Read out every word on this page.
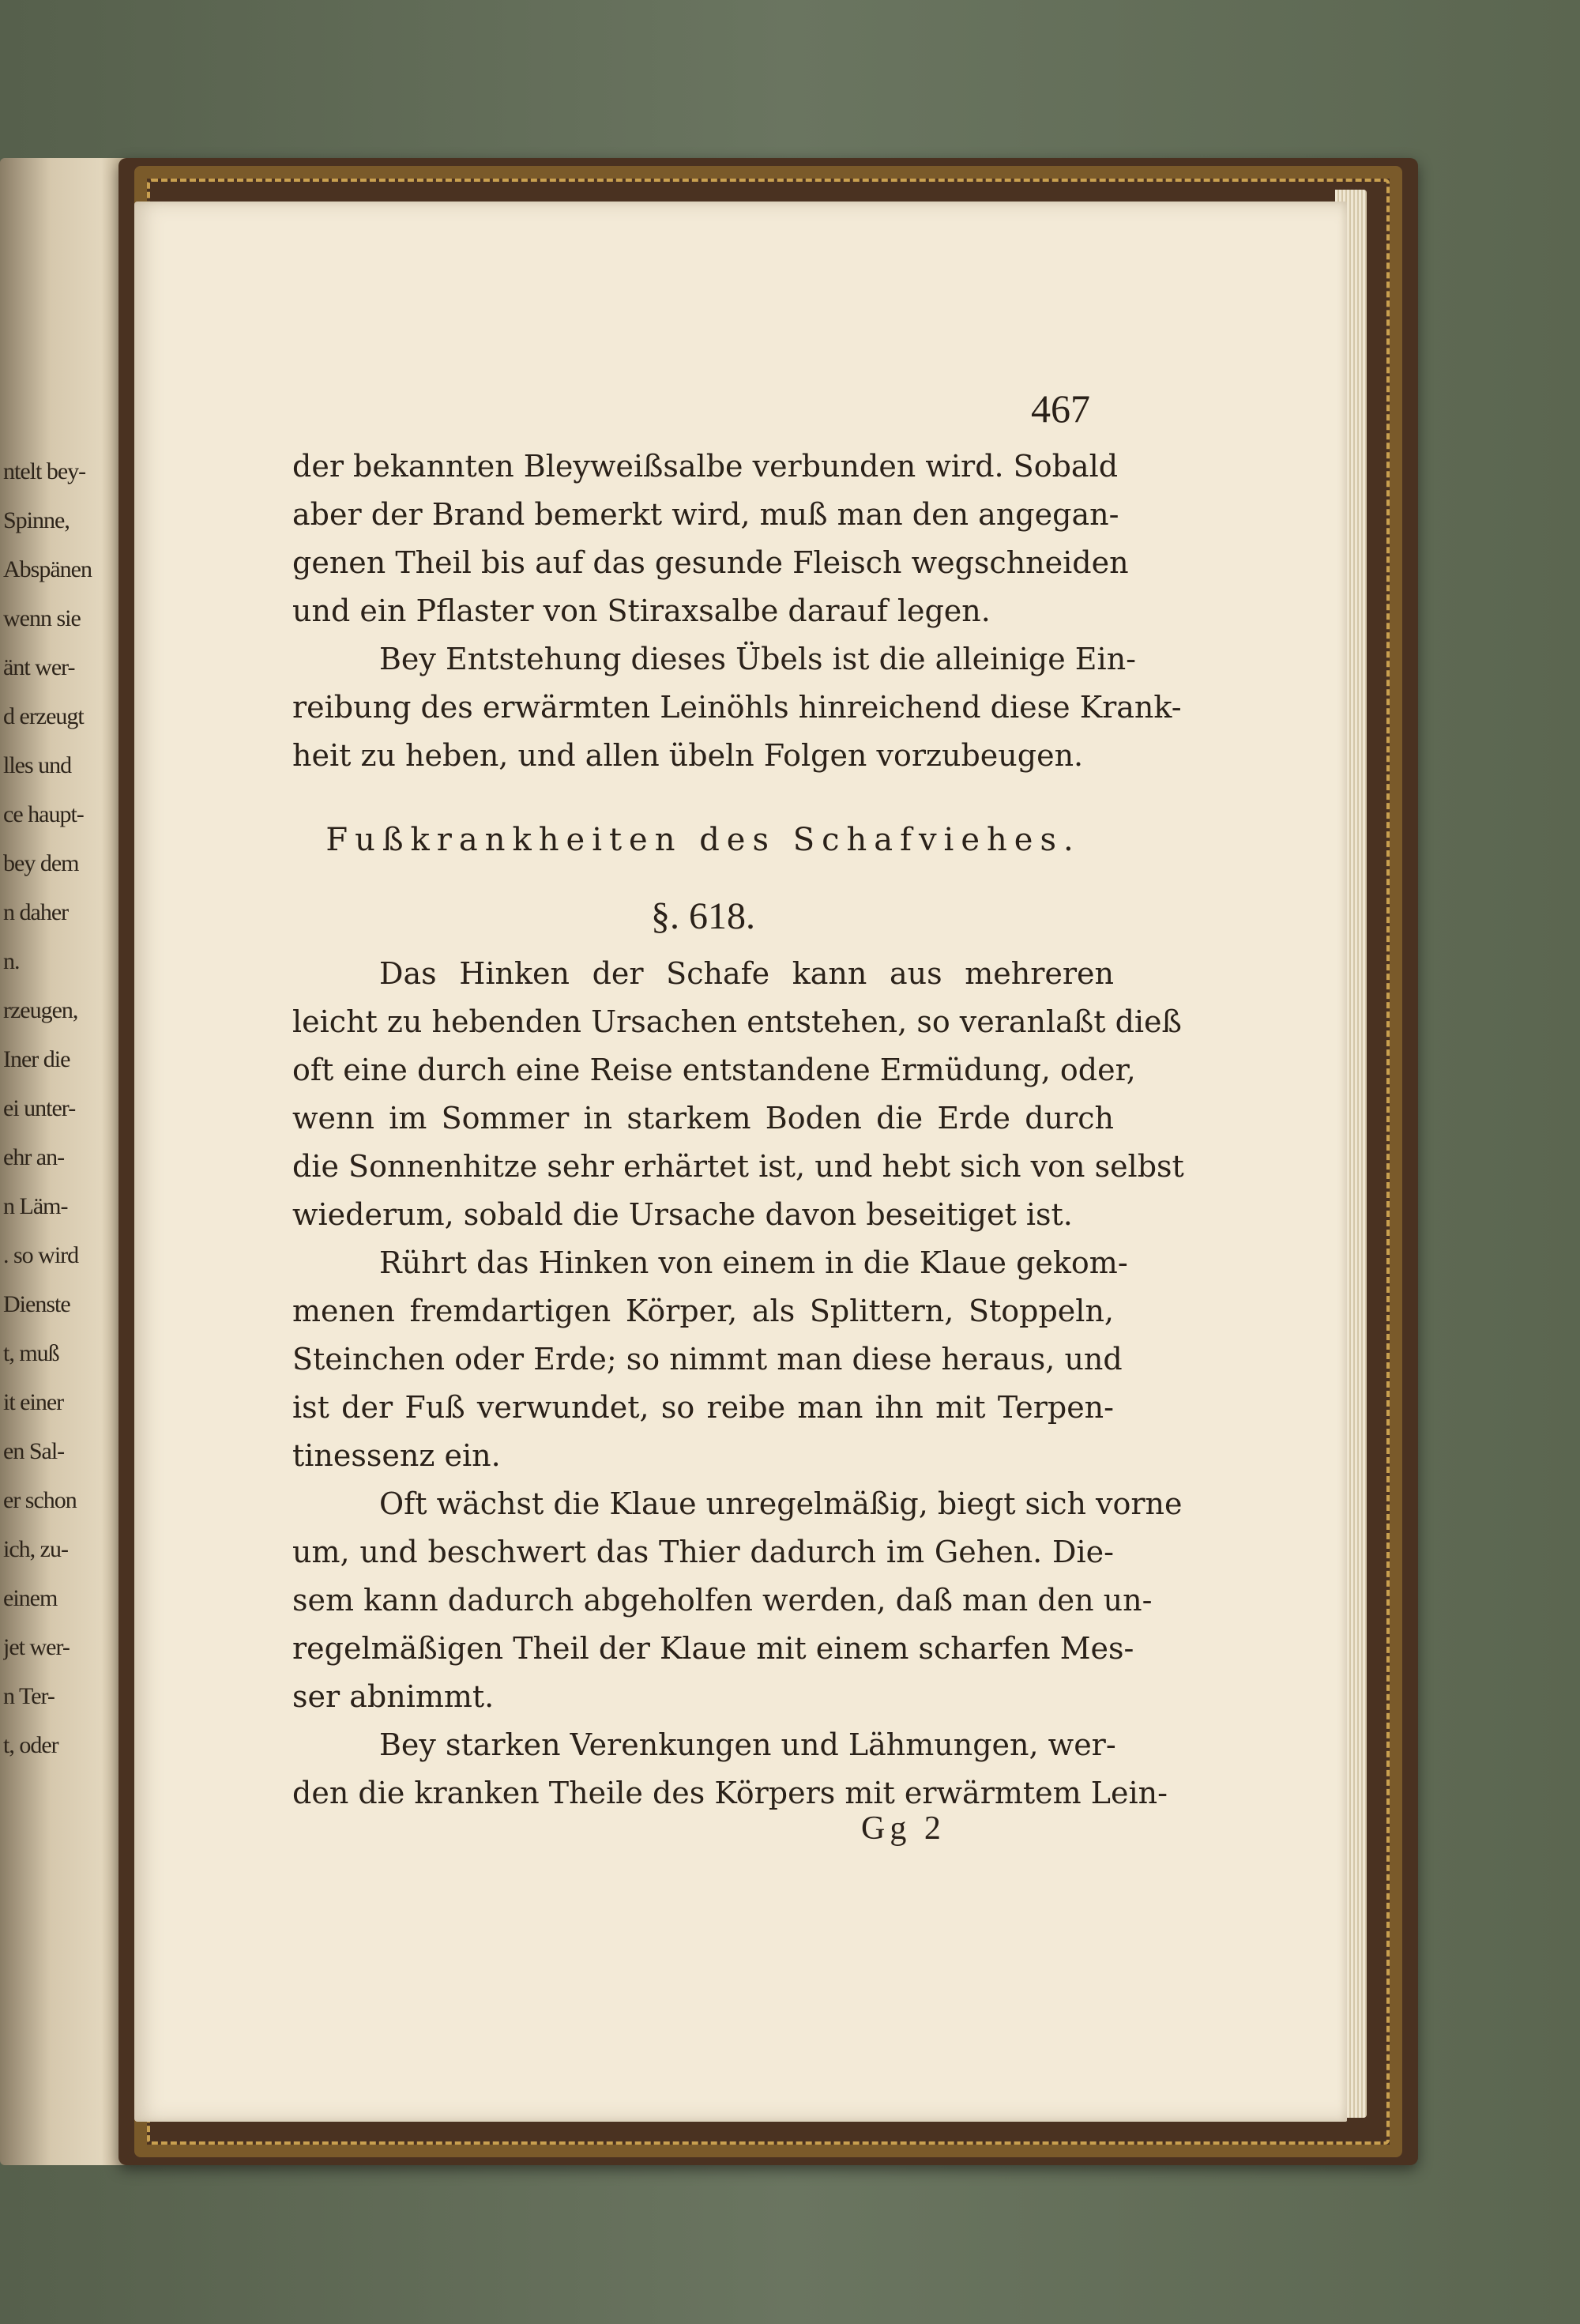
ntelt bey-
Spinne,
Abspänen
wenn sie
änt wer-
d erzeugt
lles und
ce haupt-
bey dem
n daher
n.
rzeugen,
Iner die
ei unter-
ehr an-
n Läm-
. so wird
Dienste
t, muß
it einer
en Sal-
er schon
ich, zu-
einem
jet wer-
n Ter-
t, oder
467
der bekannten Bleyweißsalbe verbunden wird. Sobald
aber der Brand bemerkt wird, muß man den angegan-
genen Theil bis auf das gesunde Fleisch wegschneiden
und ein Pflaster von Stiraxsalbe darauf legen.
Bey Entstehung dieses Übels ist die alleinige Ein-
reibung des erwärmten Leinöhls hinreichend diese Krank-
heit zu heben, und allen übeln Folgen vorzubeugen.
Fußkrankheiten des Schafviehes.
§. 618.
Das Hinken der Schafe kann aus mehreren
leicht zu hebenden Ursachen entstehen, so veranlaßt dieß
oft eine durch eine Reise entstandene Ermüdung, oder,
wenn im Sommer in starkem Boden die Erde durch
die Sonnenhitze sehr erhärtet ist, und hebt sich von selbst
wiederum, sobald die Ursache davon beseitiget ist.
Rührt das Hinken von einem in die Klaue gekom-
menen fremdartigen Körper, als Splittern, Stoppeln,
Steinchen oder Erde; so nimmt man diese heraus, und
ist der Fuß verwundet, so reibe man ihn mit Terpen-
tinessenz ein.
Oft wächst die Klaue unregelmäßig, biegt sich vorne
um, und beschwert das Thier dadurch im Gehen. Die-
sem kann dadurch abgeholfen werden, daß man den un-
regelmäßigen Theil der Klaue mit einem scharfen Mes-
ser abnimmt.
Bey starken Verenkungen und Lähmungen, wer-
den die kranken Theile des Körpers mit erwärmtem Lein-
Gg 2
